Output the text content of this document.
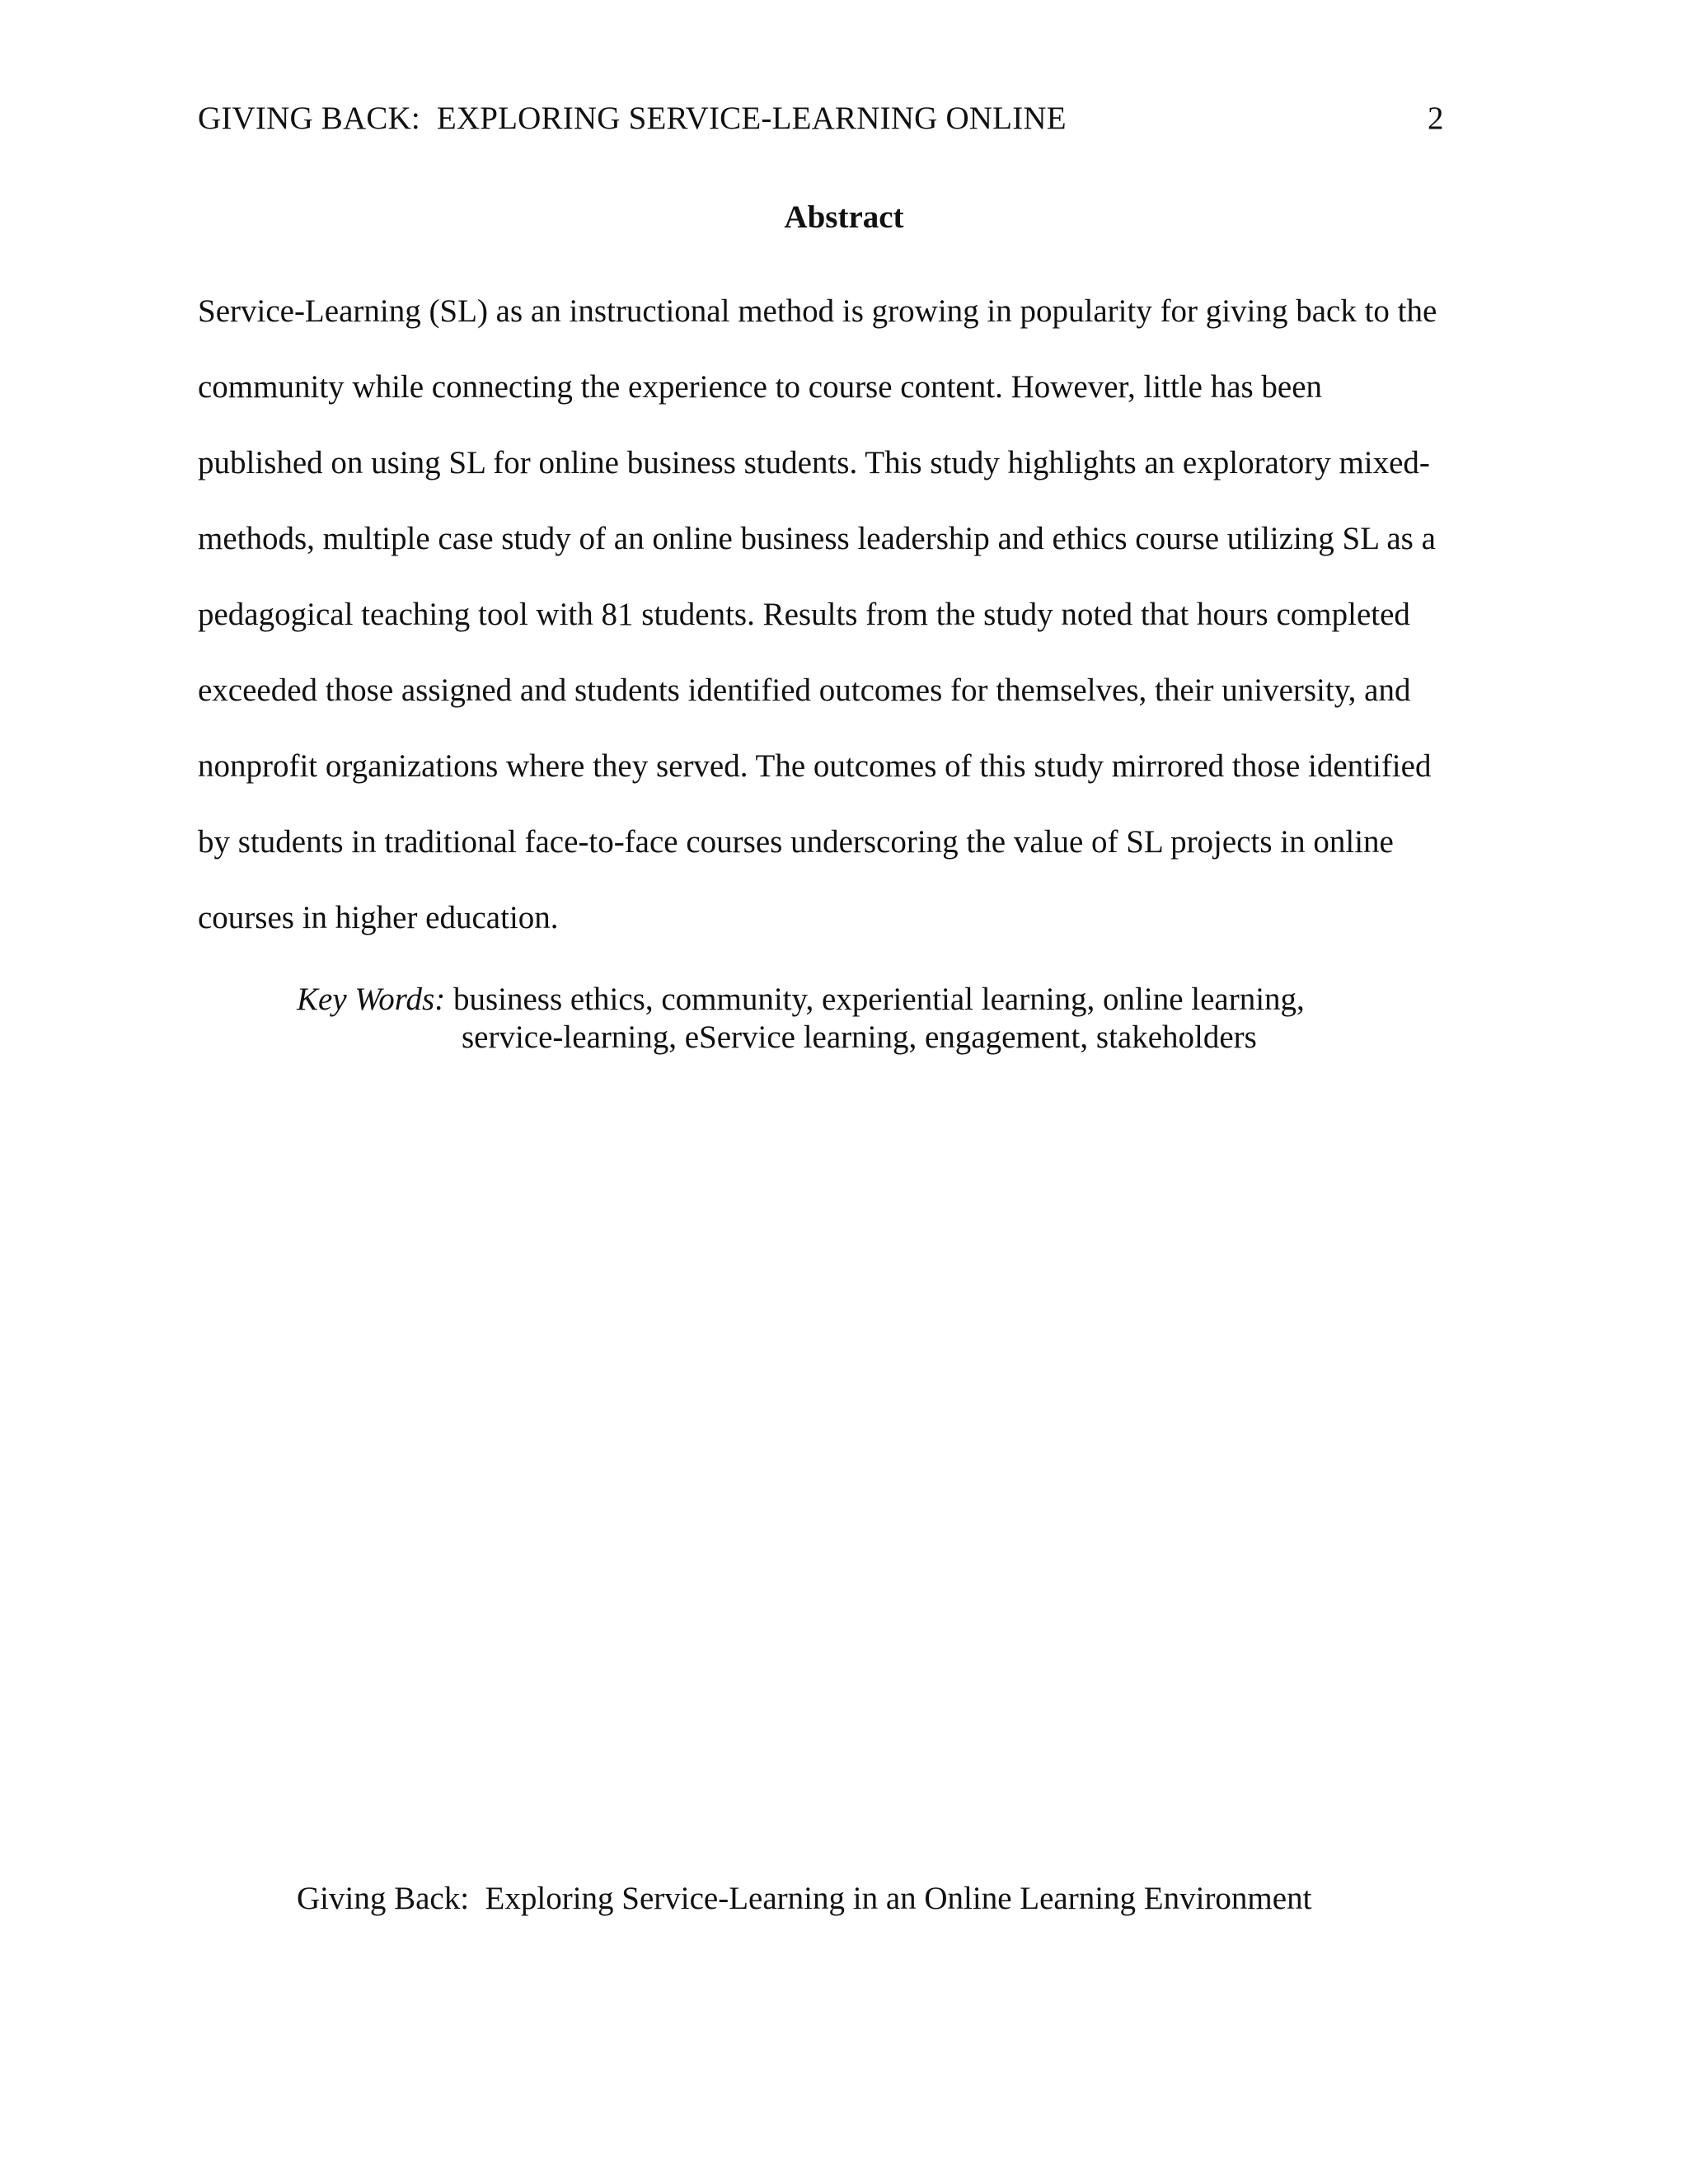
GIVING BACK:  EXPLORING SERVICE-LEARNING ONLINE	2
Abstract
Service-Learning (SL) as an instructional method is growing in popularity for giving back to the
community while connecting the experience to course content. However, little has been
published on using SL for online business students. This study highlights an exploratory mixed-
methods, multiple case study of an online business leadership and ethics course utilizing SL as a
pedagogical teaching tool with 81 students. Results from the study noted that hours completed
exceeded those assigned and students identified outcomes for themselves, their university, and
nonprofit organizations where they served. The outcomes of this study mirrored those identified
by students in traditional face-to-face courses underscoring the value of SL projects in online
courses in higher education.
Key Words: business ethics, community, experiential learning, online learning,
service-learning, eService learning, engagement, stakeholders
Giving Back:  Exploring Service-Learning in an Online Learning Environment
